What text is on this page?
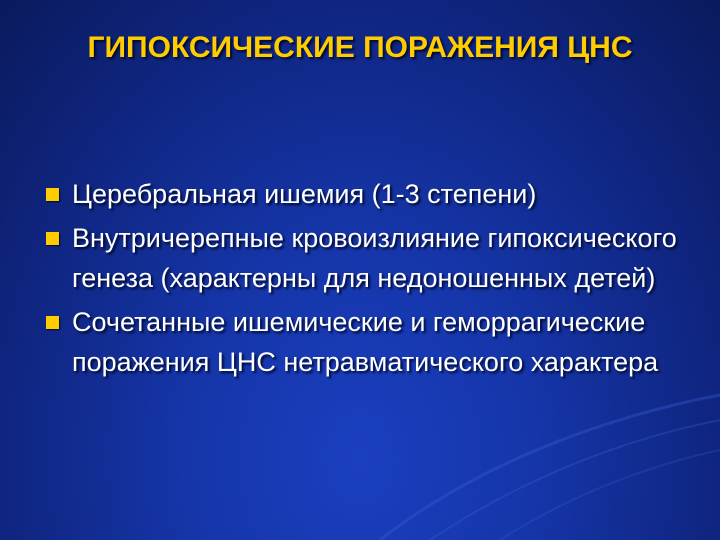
ГИПОКСИЧЕСКИЕ ПОРАЖЕНИЯ ЦНС
Церебральная ишемия (1-3 степени)
Внутричерепные кровоизлияние гипоксического генеза (характерны для недоношенных детей)
Сочетанные ишемические и геморрагические поражения ЦНС нетравматического характера
